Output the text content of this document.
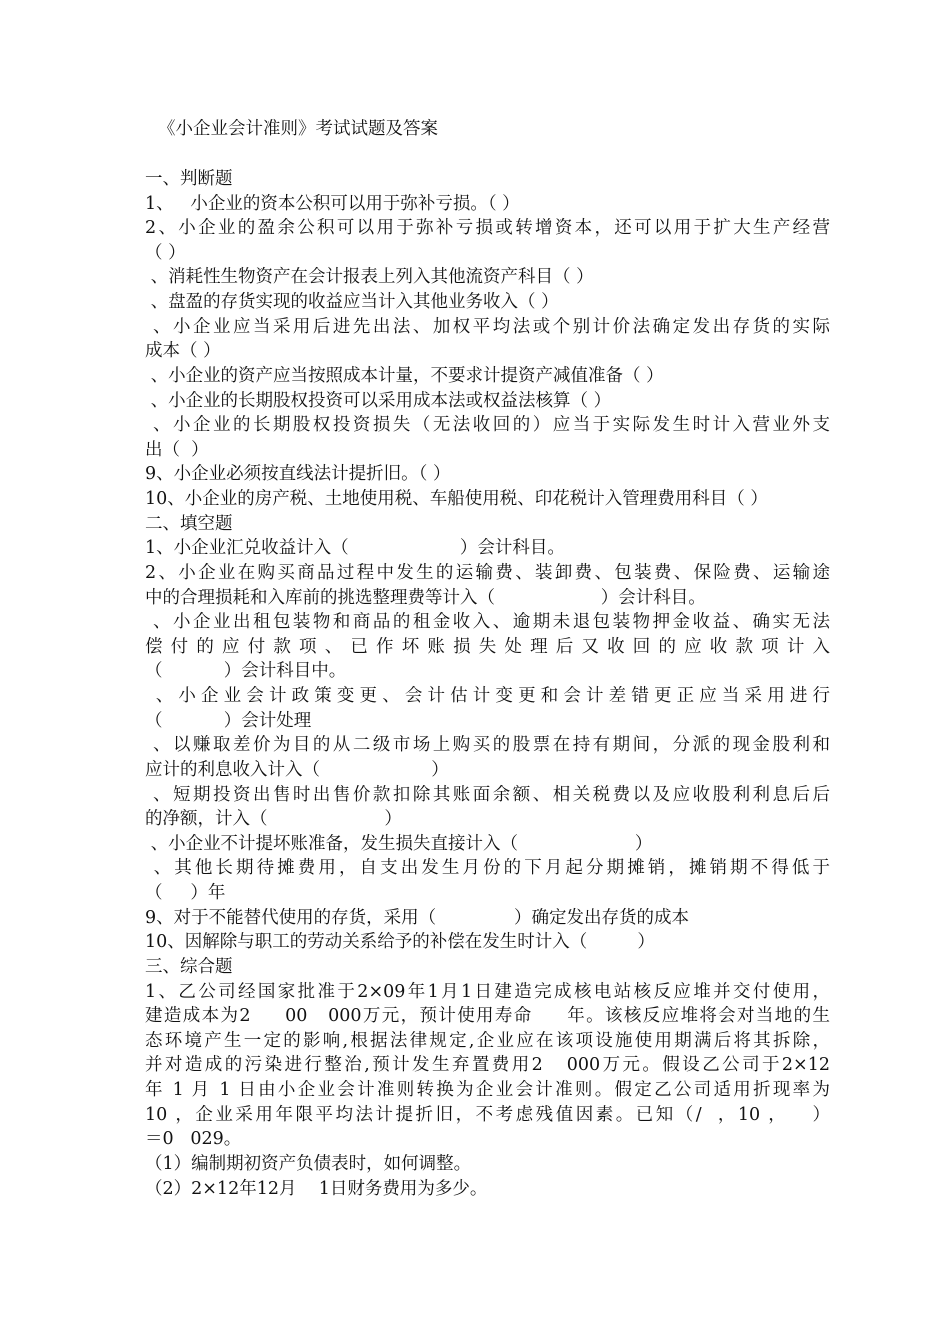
《小企业会计准则》考试试题及答案
一、判断题
1、   小企业的资本公积可以用于弥补亏损。（ ）
2、小企业的盈余公积可以用于弥补亏损或转增资本，还可以用于扩大生产经营
（ ）
、消耗性生物资产在会计报表上列入其他流资产科目（ ）
、盘盈的存货实现的收益应当计入其他业务收入（ ）
、小企业应当采用后进先出法、加权平均法或个别计价法确定发出存货的实际
成本（ ）
、小企业的资产应当按照成本计量，不要求计提资产减值准备（ ）
、小企业的长期股权投资可以采用成本法或权益法核算（ ）
、小企业的长期股权投资损失（无法收回的）应当于实际发生时计入营业外支
出（  ）
9、小企业必须按直线法计提折旧。（ ）
10、小企业的房产税、土地使用税、车船使用税、印花税计入管理费用科目（ ）
二、填空题
1、小企业汇兑收益计入（                    ）会计科目。
2、小企业在购买商品过程中发生的运输费、装卸费、包装费、保险费、运输途
中的合理损耗和入库前的挑选整理费等计入（                   ）会计科目。
、小企业出租包装物和商品的租金收入、逾期未退包装物押金收益、确实无法
偿付的应付款项、已作坏账损失处理后又收回的应收款项计入
（           ）会计科目中。
、小企业会计政策变更、会计估计变更和会计差错更正应当采用进行
（           ）会计处理
、以赚取差价为目的从二级市场上购买的股票在持有期间，分派的现金股利和
应计的利息收入计入（                    ）
、短期投资出售时出售价款扣除其账面余额、相关税费以及应收股利利息后后
的净额，计入（                     ）
、小企业不计提坏账准备，发生损失直接计入（                     ）
、其他长期待摊费用，自支出发生月份的下月起分期摊销，摊销期不得低于
（     ）年
9、对于不能替代使用的存货，采用（              ）确定发出存货的成本
10、因解除与职工的劳动关系给予的补偿在发生时计入（         ）
三、综合题
1、乙公司经国家批准于2×09年1月1日建造完成核电站核反应堆并交付使用，
建造成本为2     00   000万元，预计使用寿命     年。该核反应堆将会对当地的生
态环境产生一定的影响,根据法律规定,企业应在该项设施使用期满后将其拆除，
并对造成的污染进行整治,预计发生弃置费用2   000万元。假设乙公司于2×12
年 1 月 1 日由小企业会计准则转换为企业会计准则。假定乙公司适用折现率为
10 ，企业采用年限平均法计提折旧，不考虑残值因素。已知（/  ，10 ，   ）
＝0   029。
（1）编制期初资产负债表时，如何调整。
（2）2×12年12月    1日财务费用为多少。
